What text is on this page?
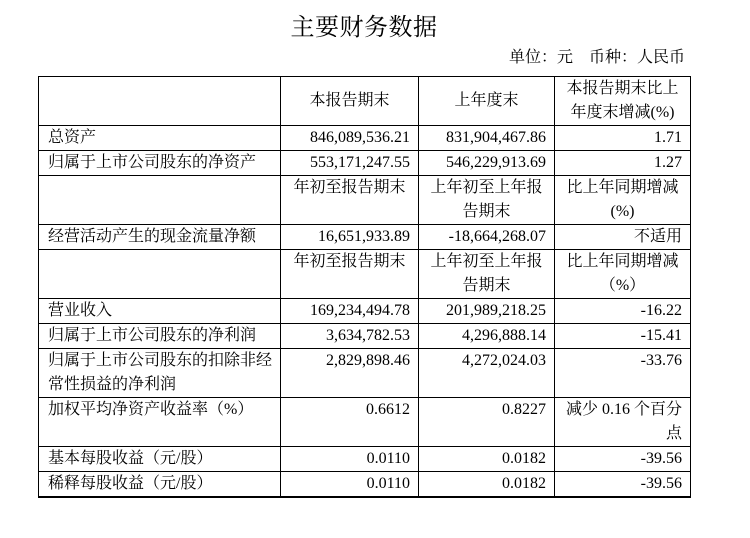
主要财务数据
单位：元　币种：人民币
	本报告期末	上年度末	本报告期末比上年度末增减(%)
总资产	846,089,536.21	831,904,467.86	1.71
归属于上市公司股东的净资产	553,171,247.55	546,229,913.69	1.27
	年初至报告期末	上年初至上年报告期末	比上年同期增减(%)
经营活动产生的现金流量净额	16,651,933.89	-18,664,268.07	不适用
	年初至报告期末	上年初至上年报告期末	比上年同期增减（%）
营业收入	169,234,494.78	201,989,218.25	-16.22
归属于上市公司股东的净利润	3,634,782.53	4,296,888.14	-15.41
归属于上市公司股东的扣除非经常性损益的净利润	2,829,898.46	4,272,024.03	-33.76
加权平均净资产收益率（%）	0.6612	0.8227	减少 0.16 个百分点
基本每股收益（元/股）	0.0110	0.0182	-39.56
稀释每股收益（元/股）	0.0110	0.0182	-39.56
